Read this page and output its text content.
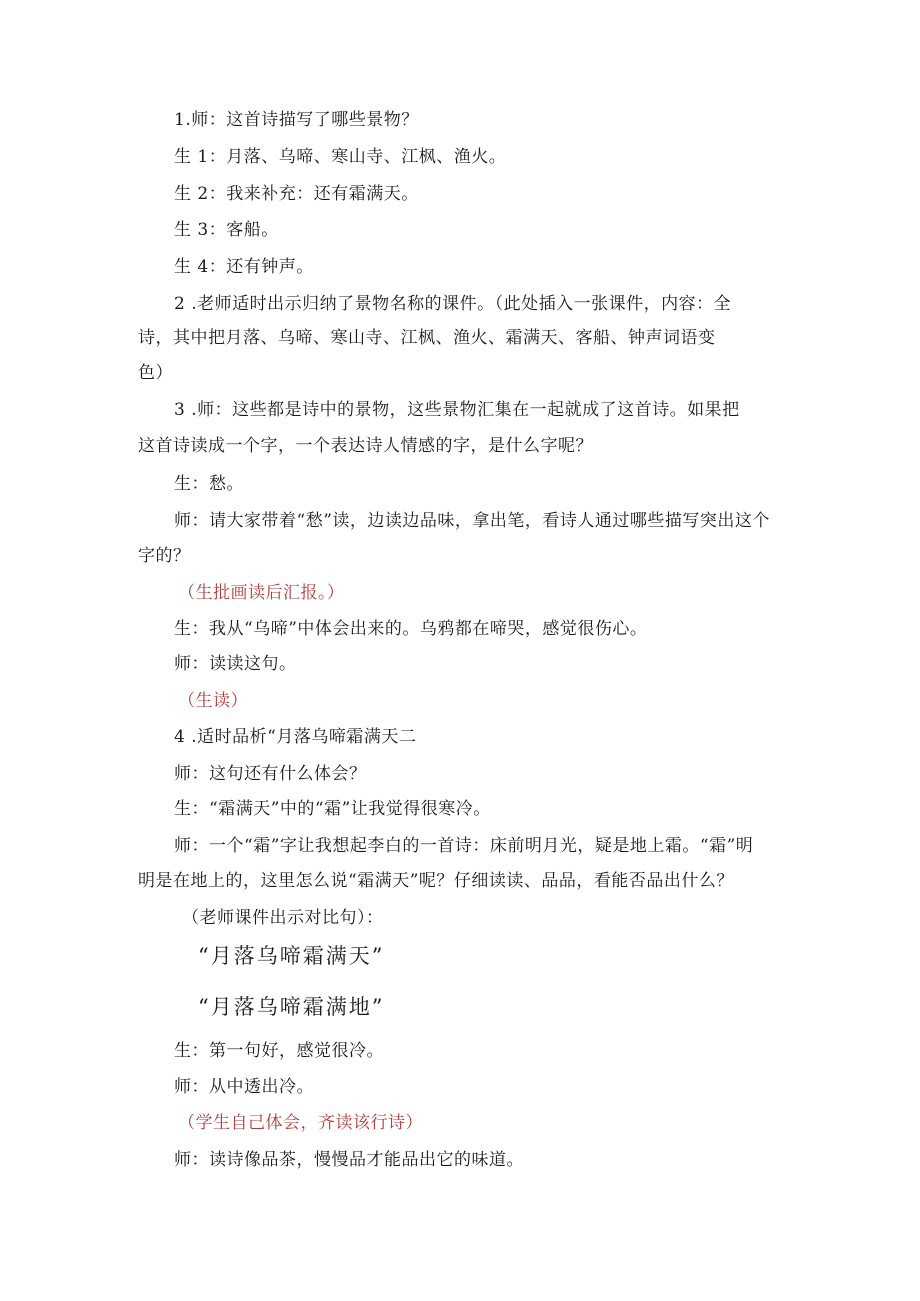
1.师：这首诗描写了哪些景物？
生 1：月落、乌啼、寒山寺、江枫、渔火。
生 2：我来补充：还有霜满天。
生 3：客船。
生 4：还有钟声。
2 .老师适时出示归纳了景物名称的课件。（此处插入一张课件，内容：全
诗，其中把月落、乌啼、寒山寺、江枫、渔火、霜满天、客船、钟声词语变
色）
3 .师：这些都是诗中的景物，这些景物汇集在一起就成了这首诗。如果把
这首诗读成一个字，一个表达诗人情感的字，是什么字呢？
生：愁。
师：请大家带着“愁”读，边读边品味，拿出笔，看诗人通过哪些描写突出这个
字的？
（生批画读后汇报。）
生：我从“乌啼”中体会出来的。乌鸦都在啼哭，感觉很伤心。
师：读读这句。
（生读）
4 .适时品析“月落乌啼霜满天二
师：这句还有什么体会？
生：“霜满天”中的“霜”让我觉得很寒冷。
师：一个“霜”字让我想起李白的一首诗：床前明月光，疑是地上霜。“霜”明
明是在地上的，这里怎么说“霜满天”呢？仔细读读、品品，看能否品出什么？
（老师课件出示对比句）：
“月落乌啼霜满天”
“月落乌啼霜满地”
生：第一句好，感觉很冷。
师：从中透出冷。
（学生自己体会，齐读该行诗）
师：读诗像品茶，慢慢品才能品出它的味道。
